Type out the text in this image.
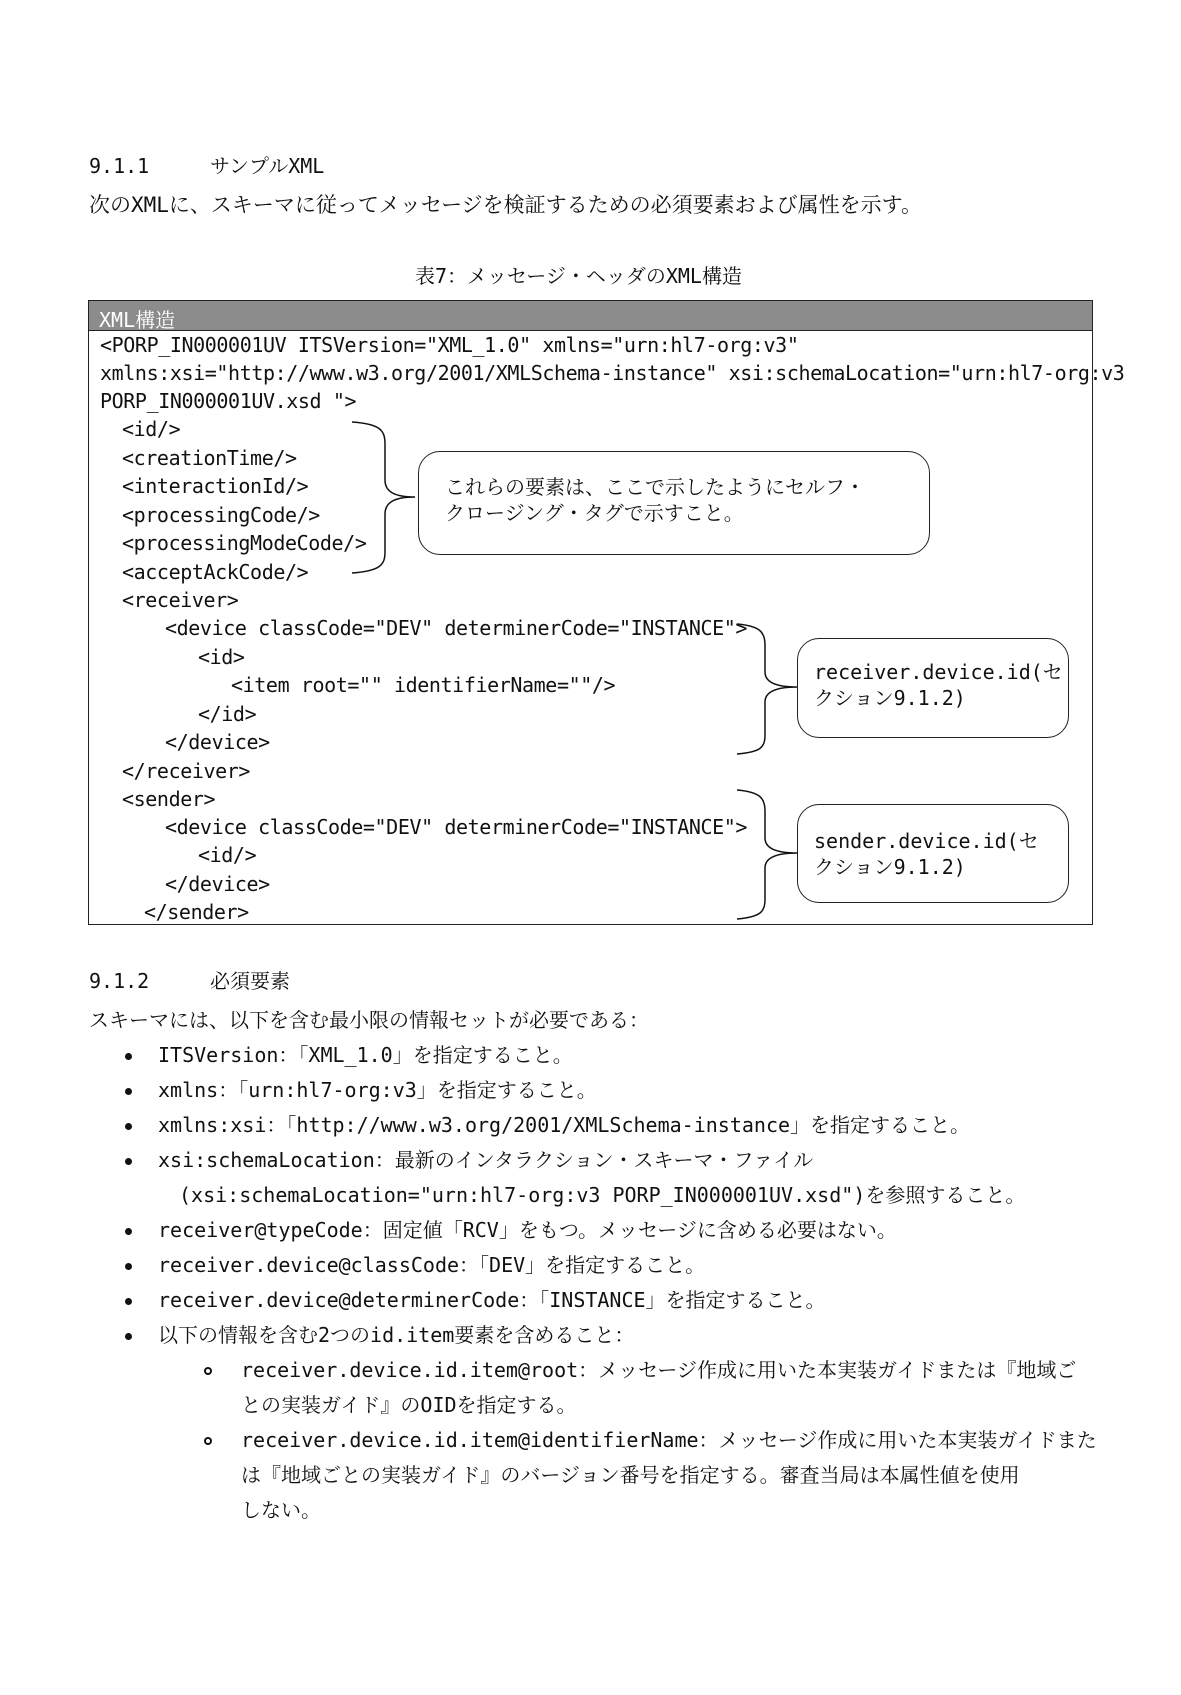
9.1.1	サンプルXML
次のXMLに、スキーマに従ってメッセージを検証するための必須要素および属性を示す。
表7：メッセージ・ヘッダのXML構造
XML構造
<PORP_IN000001UV ITSVersion="XML_1.0" xmlns="urn:hl7-org:v3"
xmlns:xsi="http://www.w3.org/2001/XMLSchema-instance" xsi:schemaLocation="urn:hl7-org:v3
PORP_IN000001UV.xsd ">
<id/>
<creationTime/>
<interactionId/>
<processingCode/>
<processingModeCode/>
<acceptAckCode/>
<receiver>
<device classCode="DEV" determinerCode="INSTANCE">
<id>
<item root="" identifierName=""/>
</id>
</device>
</receiver>
<sender>
<device classCode="DEV" determinerCode="INSTANCE">
<id/>
</device>
</sender>
これらの要素は、ここで示したようにセルフ・
クロージング・タグで示すこと。
receiver.device.id(セ
クション9.1.2)
sender.device.id(セ
クション9.1.2)
9.1.2	必須要素
スキーマには、以下を含む最小限の情報セットが必要である：
ITSVersion：「XML_1.0」を指定すること。
xmlns：「urn:hl7-org:v3」を指定すること。
xmlns:xsi：「http://www.w3.org/2001/XMLSchema-instance」を指定すること。
xsi:schemaLocation：最新のインタラクション・スキーマ・ファイル
(xsi:schemaLocation="urn:hl7-org:v3 PORP_IN000001UV.xsd")を参照すること。
receiver@typeCode：固定値「RCV」をもつ。メッセージに含める必要はない。
receiver.device@classCode：「DEV」を指定すること。
receiver.device@determinerCode：「INSTANCE」を指定すること。
以下の情報を含む2つのid.item要素を含めること：
receiver.device.id.item@root：メッセージ作成に用いた本実装ガイドまたは『地域ご
との実装ガイド』のOIDを指定する。
receiver.device.id.item@identifierName：メッセージ作成に用いた本実装ガイドまた
は『地域ごとの実装ガイド』のバージョン番号を指定する。審査当局は本属性値を使用
しない。
